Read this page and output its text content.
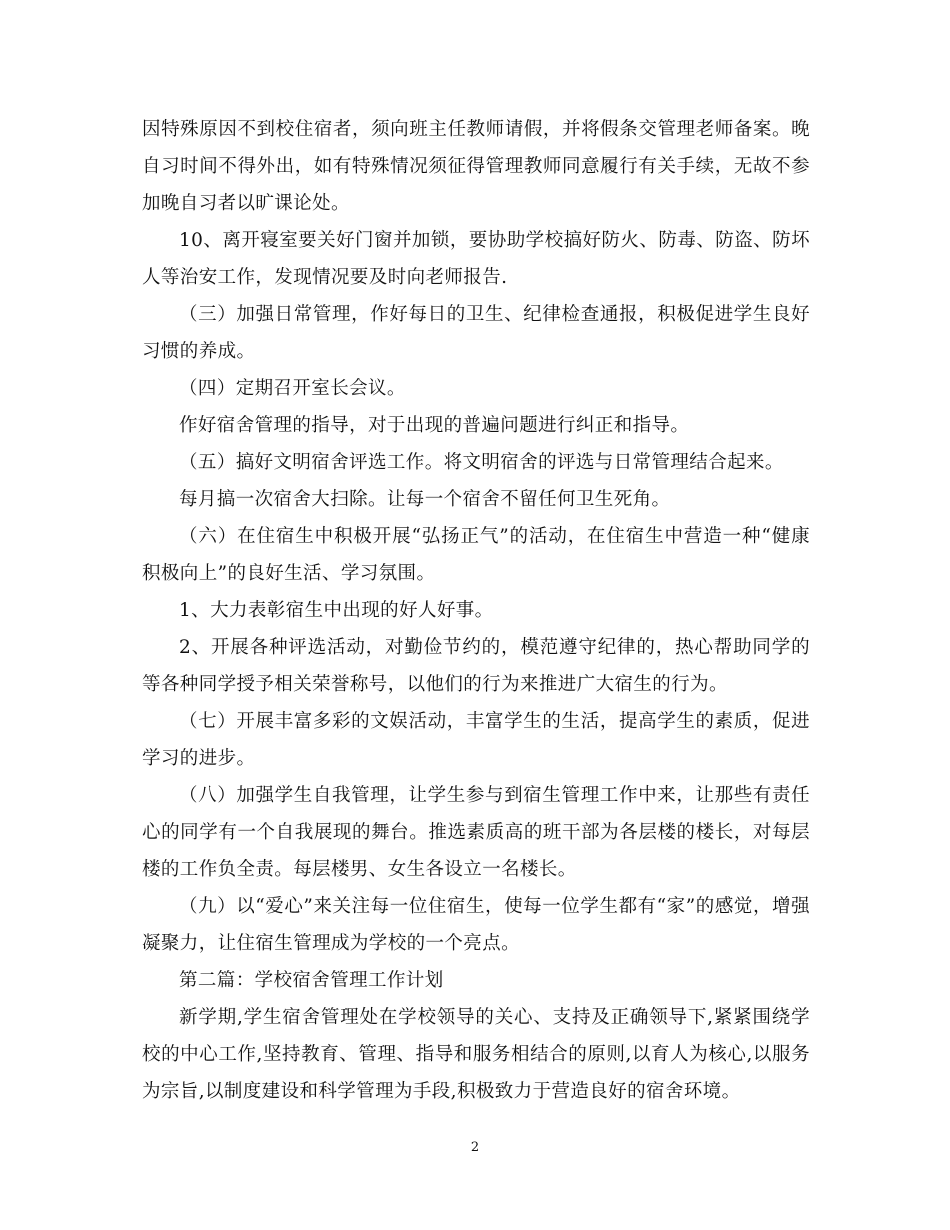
因特殊原因不到校住宿者，须向班主任教师请假，并将假条交管理老师备案。晚自习时间不得外出，如有特殊情况须征得管理教师同意履行有关手续，无故不参加晚自习者以旷课论处。

10、离开寝室要关好门窗并加锁，要协助学校搞好防火、防毒、防盗、防坏人等治安工作，发现情况要及时向老师报告.

（三）加强日常管理，作好每日的卫生、纪律检查通报，积极促进学生良好习惯的养成。

（四）定期召开室长会议。

作好宿舍管理的指导，对于出现的普遍问题进行纠正和指导。

（五）搞好文明宿舍评选工作。将文明宿舍的评选与日常管理结合起来。

每月搞一次宿舍大扫除。让每一个宿舍不留任何卫生死角。

（六）在住宿生中积极开展“弘扬正气”的活动，在住宿生中营造一种“健康积极向上”的良好生活、学习氛围。

1、大力表彰宿生中出现的好人好事。

2、开展各种评选活动，对勤俭节约的，模范遵守纪律的，热心帮助同学的等各种同学授予相关荣誉称号，以他们的行为来推进广大宿生的行为。

（七）开展丰富多彩的文娱活动，丰富学生的生活，提高学生的素质，促进学习的进步。

（八）加强学生自我管理，让学生参与到宿生管理工作中来，让那些有责任心的同学有一个自我展现的舞台。推选素质高的班干部为各层楼的楼长，对每层楼的工作负全责。每层楼男、女生各设立一名楼长。

（九）以“爱心”来关注每一位住宿生，使每一位学生都有“家”的感觉，增强凝聚力，让住宿生管理成为学校的一个亮点。

第二篇：学校宿舍管理工作计划

新学期,学生宿舍管理处在学校领导的关心、支持及正确领导下,紧紧围绕学校的中心工作,坚持教育、管理、指导和服务相结合的原则,以育人为核心,以服务为宗旨,以制度建设和科学管理为手段,积极致力于营造良好的宿舍环境。

2
